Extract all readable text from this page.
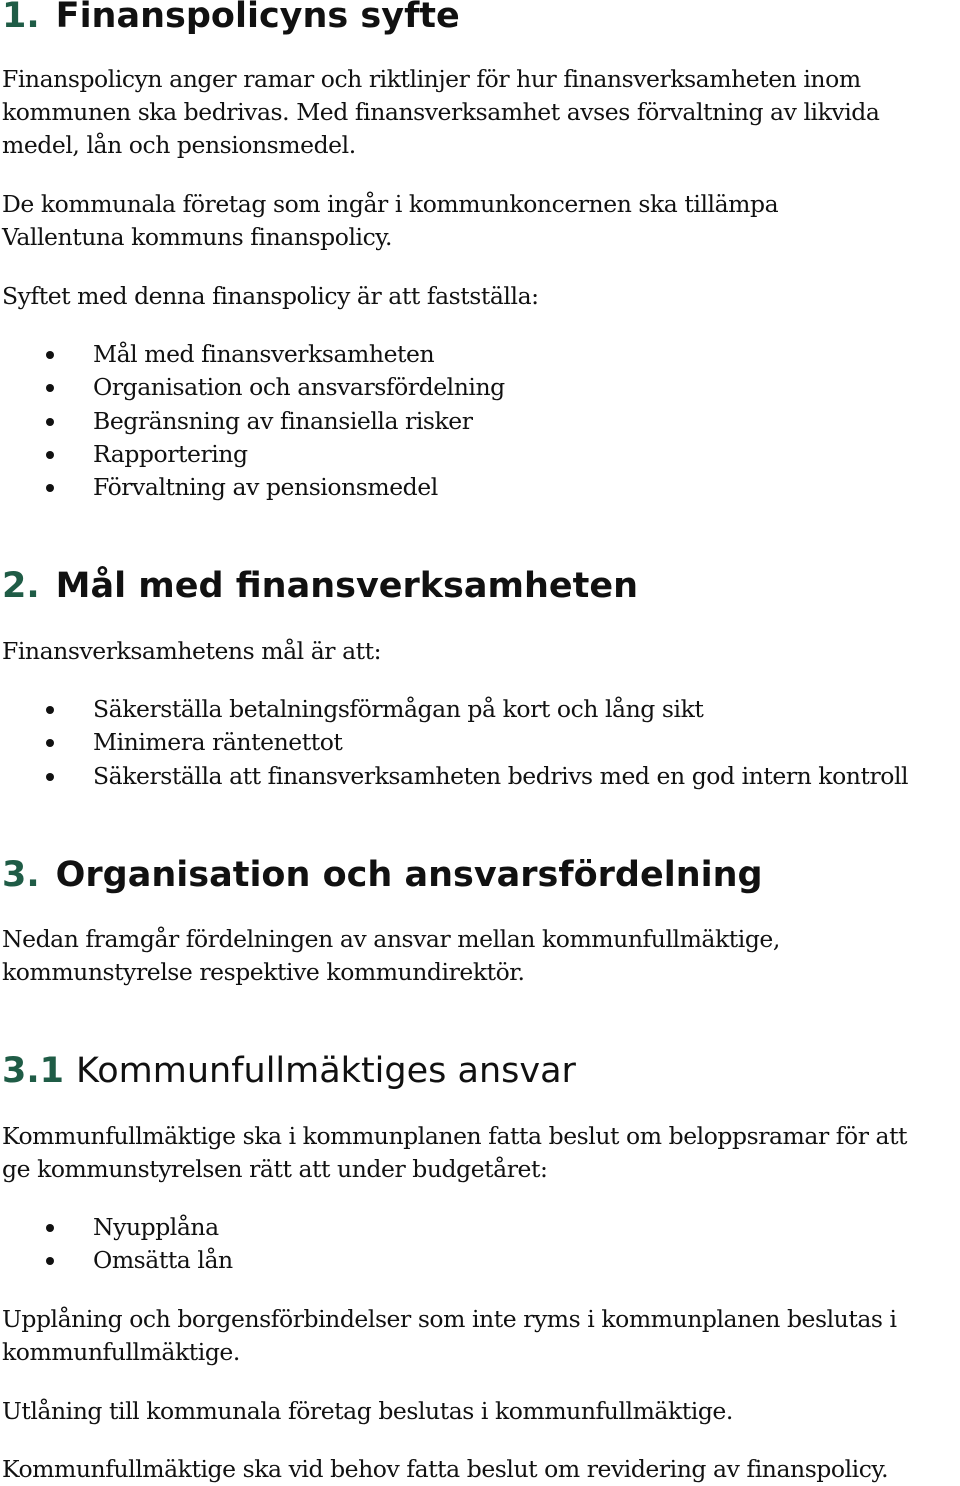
1. Finanspolicyns syfte

Finanspolicyn anger ramar och riktlinjer för hur finansverksamheten inom kommunen ska bedrivas. Med finansverksamhet avses förvaltning av likvida medel, lån och pensionsmedel.

De kommunala företag som ingår i kommunkoncernen ska tillämpa Vallentuna kommuns finanspolicy.

Syftet med denna finanspolicy är att fastställa:

Mål med finansverksamheten
Organisation och ansvarsfördelning
Begränsning av finansiella risker
Rapportering
Förvaltning av pensionsmedel
2. Mål med finansverksamheten

Finansverksamhetens mål är att:

Säkerställa betalningsförmågan på kort och lång sikt
Minimera räntenettot
Säkerställa att finansverksamheten bedrivs med en god intern kontroll
3. Organisation och ansvarsfördelning

Nedan framgår fördelningen av ansvar mellan kommunfullmäktige, kommunstyrelse respektive kommundirektör.

3.1 Kommunfullmäktiges ansvar

Kommunfullmäktige ska i kommunplanen fatta beslut om beloppsramar för att ge kommunstyrelsen rätt att under budgetåret:

Nyupplåna
Omsätta lån

Upplåning och borgensförbindelser som inte ryms i kommunplanen beslutas i kommunfullmäktige.

Utlåning till kommunala företag beslutas i kommunfullmäktige.

Kommunfullmäktige ska vid behov fatta beslut om revidering av finanspolicy.
